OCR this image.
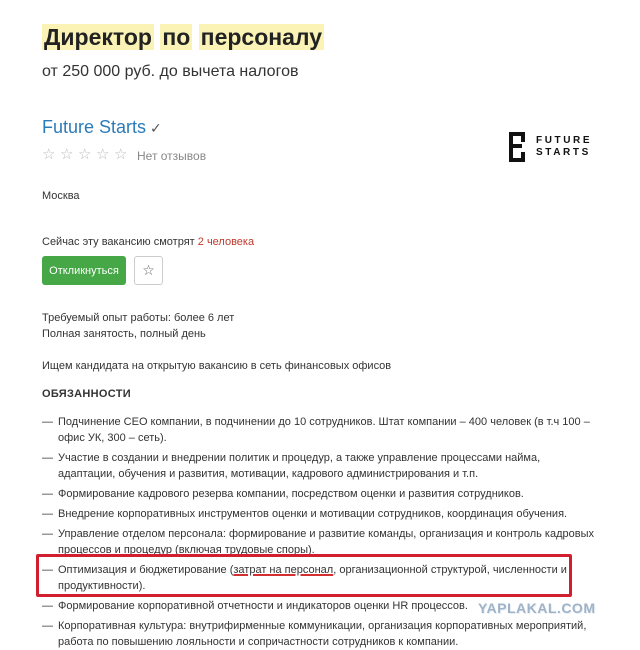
Директор по персоналу
от 250 000 руб. до вычета налогов
Future Starts ✓
☆ ☆ ☆ ☆ ☆ Нет отзывов
FUTURE
STARTS
Москва
Сейчас эту вакансию смотрят 2 человека
Откликнуться	☆
Требуемый опыт работы: более 6 лет
Полная занятость, полный день
Ищем кандидата на открытую вакансию в сеть финансовых офисов
ОБЯЗАННОСТИ
— Подчинение CEO компании, в подчинении до 10 сотрудников. Штат компании – 400 человек (в т.ч 100 – офис УК, 300 – сеть).
— Участие в создании и внедрении политик и процедур, а также управление процессами найма, адаптации, обучения и развития, мотивации, кадрового администрирования и т.п.
— Формирование кадрового резерва компании, посредством оценки и развития сотрудников.
— Внедрение корпоративных инструментов оценки и мотивации сотрудников, координация обучения.
— Управление отделом персонала: формирование и развитие команды, организация и контроль кадровых процессов и процедур (включая трудовые споры).
— Оптимизация и бюджетирование (затрат на персонал, организационной структурой, численности и продуктивности).
— Формирование корпоративной отчетности и индикаторов оценки HR процессов.
— Корпоративная культура: внутрифирменные коммуникации, организация корпоративных мероприятий, работа по повышению лояльности и сопричастности сотрудников к компании.
YAPLAKAL.COM
